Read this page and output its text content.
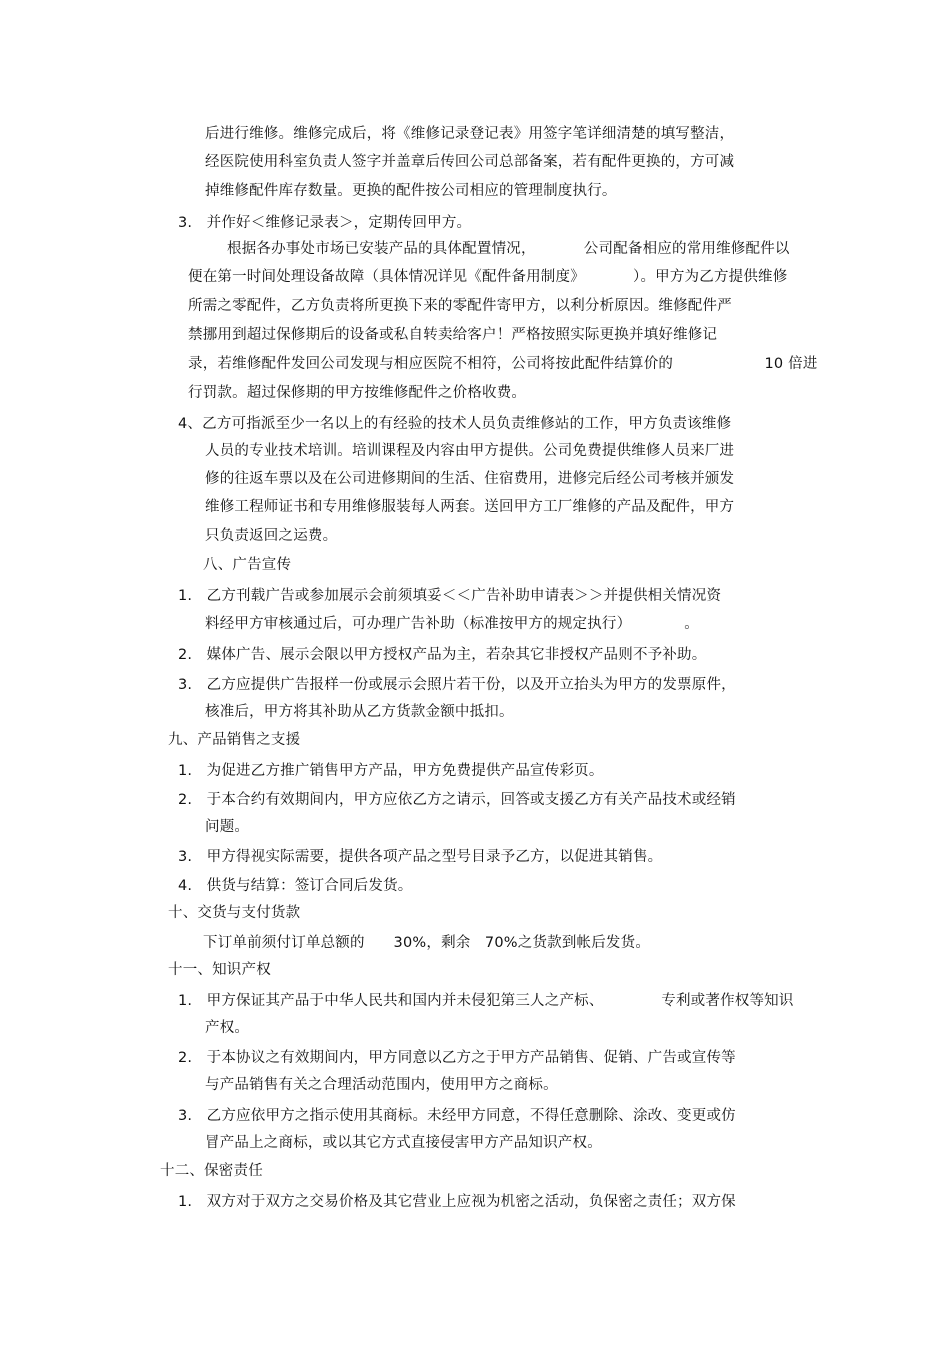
后进行维修。维修完成后，将《维修记录登记表》用签字笔详细清楚的填写整洁，
经医院使用科室负责人签字并盖章后传回公司总部备案，若有配件更换的，方可减
掉维修配件库存数量。更换的配件按公司相应的管理制度执行。
3.   并作好＜维修记录表＞，定期传回甲方。
根据各办事处市场已安装产品的具体配置情况，          公司配备相应的常用维修配件以
便在第一时间处理设备故障（具体情况详见《配件备用制度》          ）。甲方为乙方提供维修
所需之零配件，乙方负责将所更换下来的零配件寄甲方，以利分析原因。维修配件严
禁挪用到超过保修期后的设备或私自转卖给客户！严格按照实际更换并填好维修记
录，若维修配件发回公司发现与相应医院不相符，公司将按此配件结算价的                   10 倍进
行罚款。超过保修期的甲方按维修配件之价格收费。
4、乙方可指派至少一名以上的有经验的技术人员负责维修站的工作，甲方负责该维修
人员的专业技术培训。培训课程及内容由甲方提供。公司免费提供维修人员来厂进
修的往返车票以及在公司进修期间的生活、住宿费用，进修完后经公司考核并颁发
维修工程师证书和专用维修服装每人两套。送回甲方工厂维修的产品及配件，甲方
只负责返回之运费。
八、广告宣传
1.   乙方刊载广告或参加展示会前须填妥＜＜广告补助申请表＞＞并提供相关情况资
料经甲方审核通过后，可办理广告补助（标准按甲方的规定执行）           。
2.   媒体广告、展示会限以甲方授权产品为主，若杂其它非授权产品则不予补助。
3.   乙方应提供广告报样一份或展示会照片若干份，以及开立抬头为甲方的发票原件，
核准后，甲方将其补助从乙方货款金额中抵扣。
九、产品销售之支援
1.   为促进乙方推广销售甲方产品，甲方免费提供产品宣传彩页。
2.   于本合约有效期间内，甲方应依乙方之请示，回答或支援乙方有关产品技术或经销
问题。
3.   甲方得视实际需要，提供各项产品之型号目录予乙方，以促进其销售。
4.   供货与结算：签订合同后发货。
十、交货与支付货款
下订单前须付订单总额的      30%，剩余   70%之货款到帐后发货。
十一、知识产权
1.   甲方保证其产品于中华人民共和国内并未侵犯第三人之产标、            专利或著作权等知识
产权。
2.   于本协议之有效期间内，甲方同意以乙方之于甲方产品销售、促销、广告或宣传等
与产品销售有关之合理活动范围内，使用甲方之商标。
3.   乙方应依甲方之指示使用其商标。未经甲方同意，不得任意删除、涂改、变更或仿
冒产品上之商标，或以其它方式直接侵害甲方产品知识产权。
十二、保密责任
1.   双方对于双方之交易价格及其它营业上应视为机密之活动，负保密之责任；双方保
